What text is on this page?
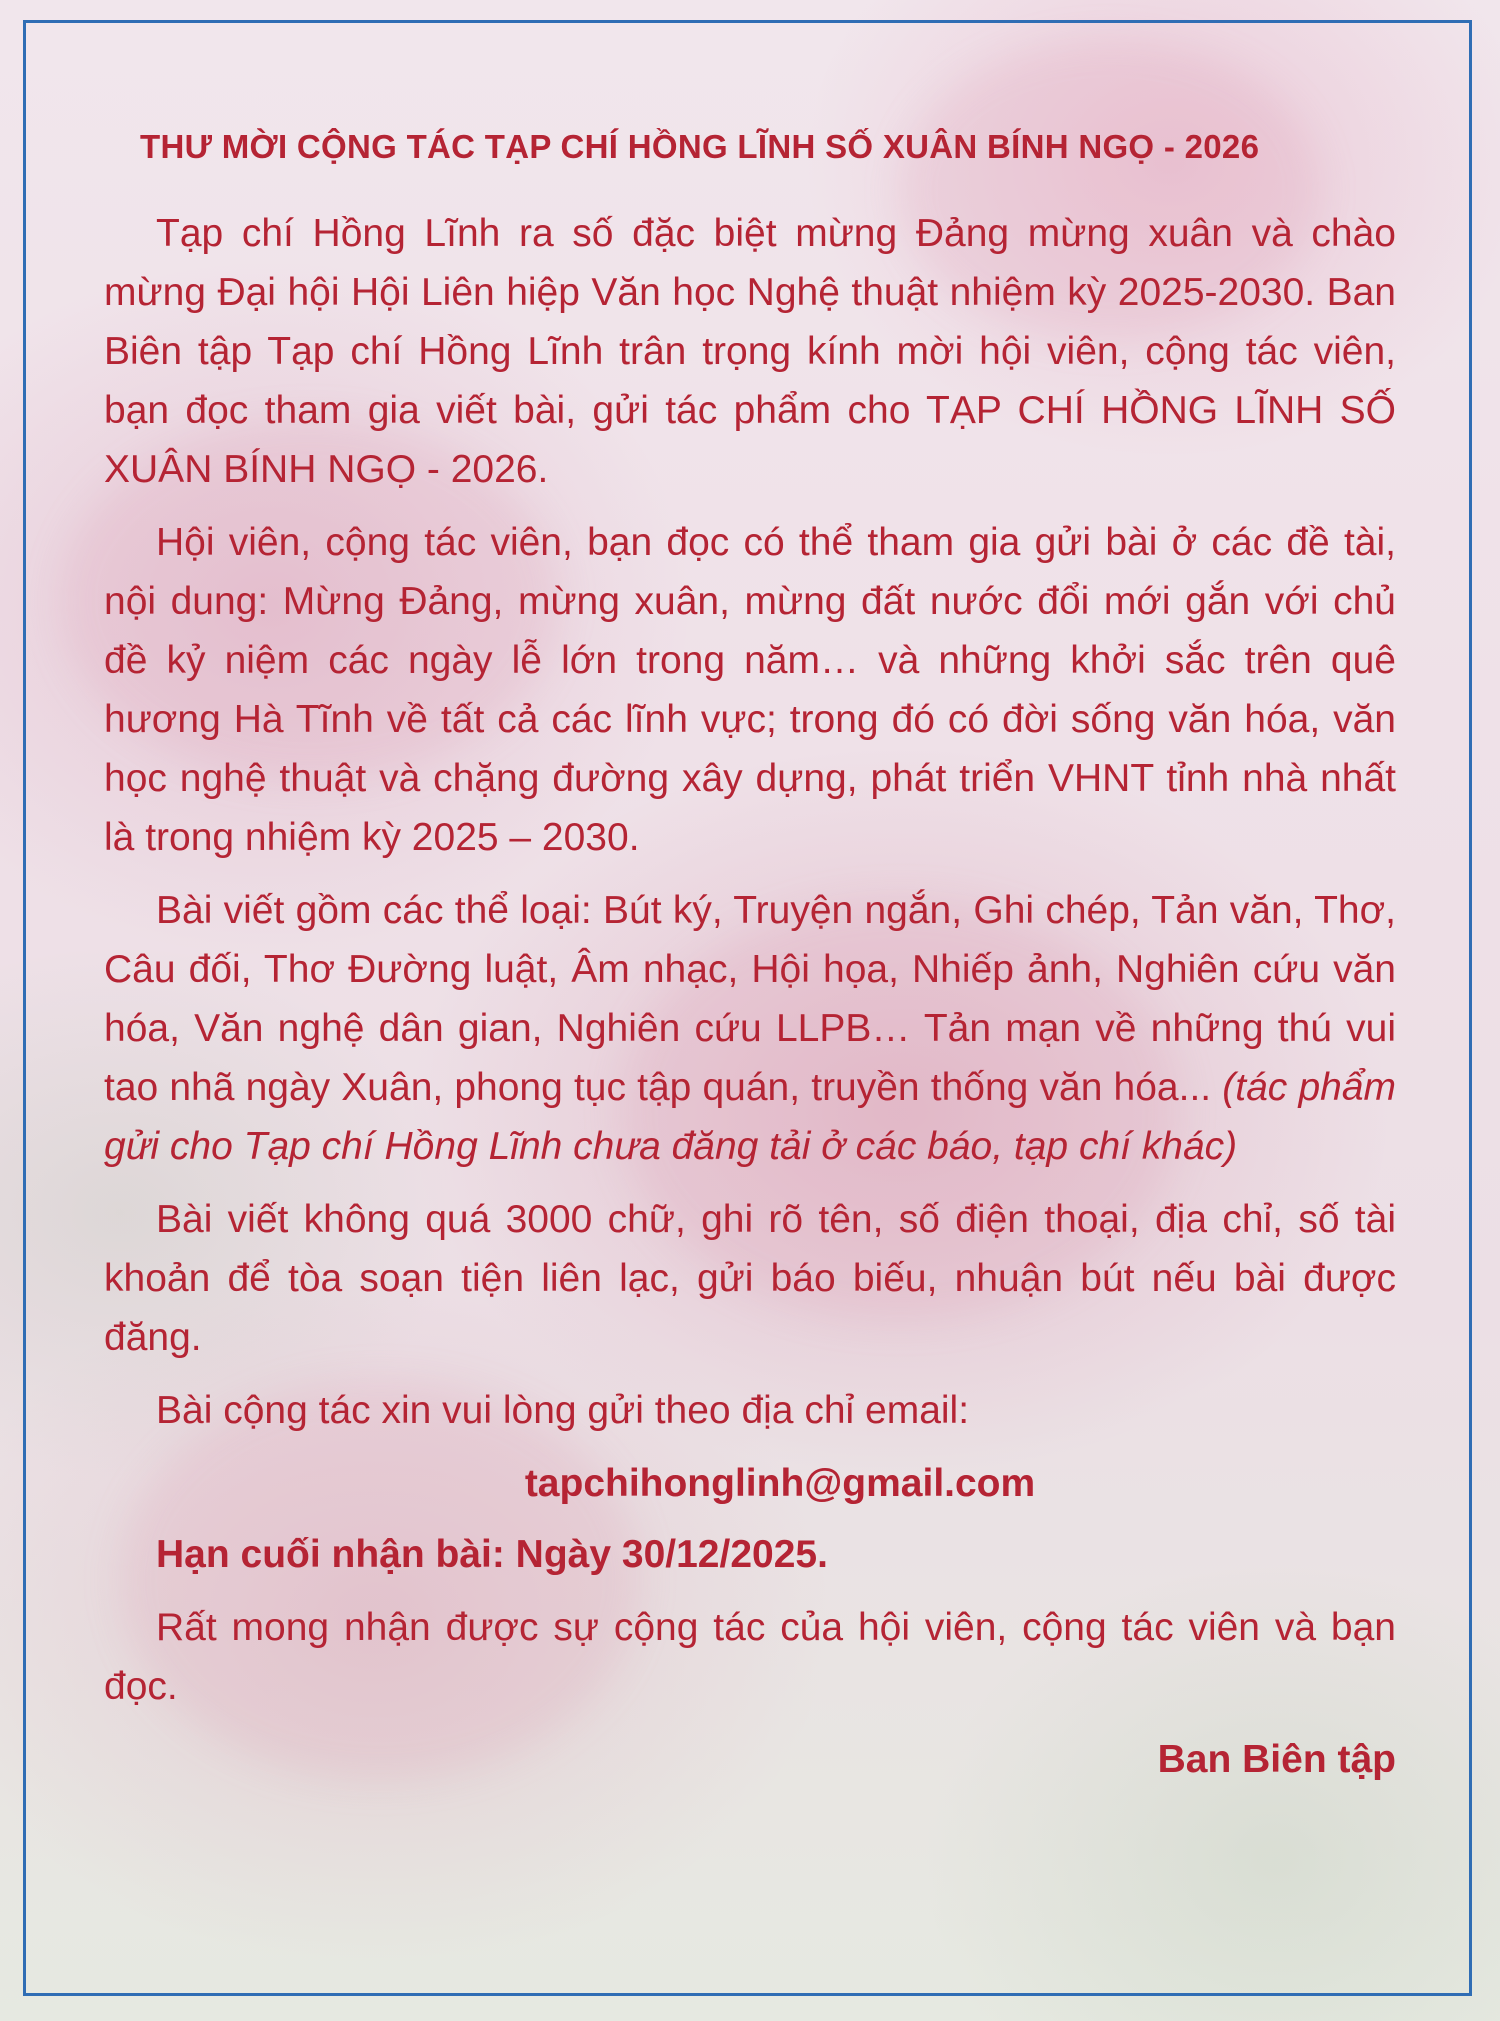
THƯ MỜI CỘNG TÁC TẠP CHÍ HỒNG LĨNH SỐ XUÂN BÍNH NGỌ - 2026

Tạp chí Hồng Lĩnh ra số đặc biệt mừng Đảng mừng xuân và chào mừng Đại hội Hội Liên hiệp Văn học Nghệ thuật nhiệm kỳ 2025-2030. Ban Biên tập Tạp chí Hồng Lĩnh trân trọng kính mời hội viên, cộng tác viên, bạn đọc tham gia viết bài, gửi tác phẩm cho TẠP CHÍ HỒNG LĨNH SỐ XUÂN BÍNH NGỌ - 2026.

Hội viên, cộng tác viên, bạn đọc có thể tham gia gửi bài ở các đề tài, nội dung: Mừng Đảng, mừng xuân, mừng đất nước đổi mới gắn với chủ đề kỷ niệm các ngày lễ lớn trong năm… và những khởi sắc trên quê hương Hà Tĩnh về tất cả các lĩnh vực; trong đó có đời sống văn hóa, văn học nghệ thuật và chặng đường xây dựng, phát triển VHNT tỉnh nhà nhất là trong nhiệm kỳ 2025 – 2030.

Bài viết gồm các thể loại: Bút ký, Truyện ngắn, Ghi chép, Tản văn, Thơ, Câu đối, Thơ Đường luật, Âm nhạc, Hội họa, Nhiếp ảnh, Nghiên cứu văn hóa, Văn nghệ dân gian, Nghiên cứu LLPB… Tản mạn về những thú vui tao nhã ngày Xuân, phong tục tập quán, truyền thống văn hóa... (tác phẩm gửi cho Tạp chí Hồng Lĩnh chưa đăng tải ở các báo, tạp chí khác)

Bài viết không quá 3000 chữ, ghi rõ tên, số điện thoại, địa chỉ, số tài khoản để tòa soạn tiện liên lạc, gửi báo biếu, nhuận bút nếu bài được đăng.

Bài cộng tác xin vui lòng gửi theo địa chỉ email:

tapchihonglinh@gmail.com

Hạn cuối nhận bài: Ngày 30/12/2025.

Rất mong nhận được sự cộng tác của hội viên, cộng tác viên và bạn đọc.

Ban Biên tập
